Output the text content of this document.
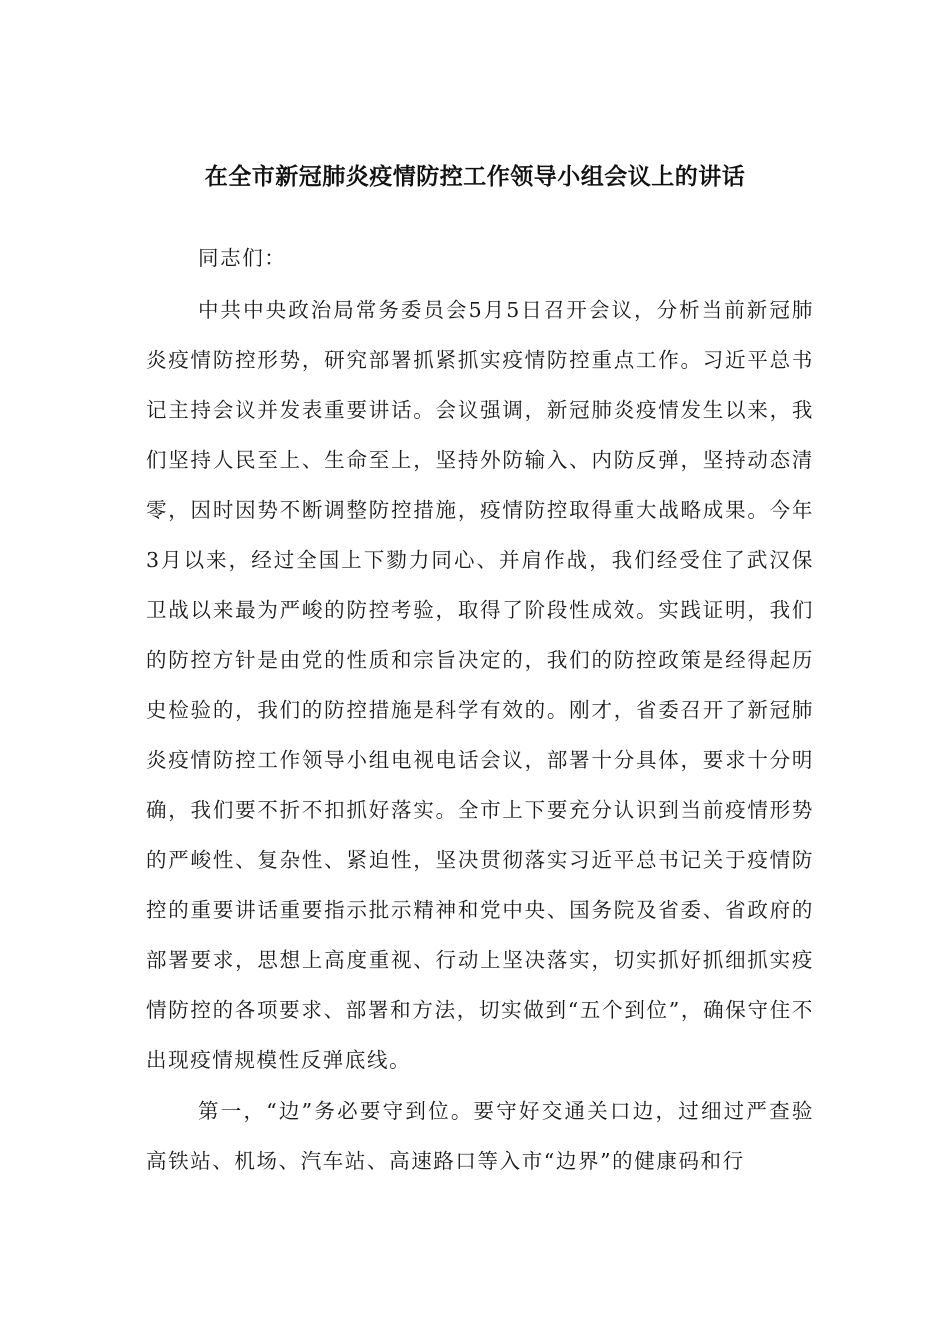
在全市新冠肺炎疫情防控工作领导小组会议上的讲话

同志们：

中共中央政治局常务委员会5月5日召开会议，分析当前新冠肺炎疫情防控形势，研究部署抓紧抓实疫情防控重点工作。习近平总书记主持会议并发表重要讲话。会议强调，新冠肺炎疫情发生以来，我们坚持人民至上、生命至上，坚持外防输入、内防反弹，坚持动态清零，因时因势不断调整防控措施，疫情防控取得重大战略成果。今年3月以来，经过全国上下勠力同心、并肩作战，我们经受住了武汉保卫战以来最为严峻的防控考验，取得了阶段性成效。实践证明，我们的防控方针是由党的性质和宗旨决定的，我们的防控政策是经得起历史检验的，我们的防控措施是科学有效的。刚才，省委召开了新冠肺炎疫情防控工作领导小组电视电话会议，部署十分具体，要求十分明确，我们要不折不扣抓好落实。全市上下要充分认识到当前疫情形势的严峻性、复杂性、紧迫性，坚决贯彻落实习近平总书记关于疫情防控的重要讲话重要指示批示精神和党中央、国务院及省委、省政府的部署要求，思想上高度重视、行动上坚决落实，切实抓好抓细抓实疫情防控的各项要求、部署和方法，切实做到“五个到位”，确保守住不出现疫情规模性反弹底线。

第一，“边”务必要守到位。要守好交通关口边，过细过严查验高铁站、机场、汽车站、高速路口等入市“边界”的健康码和行
